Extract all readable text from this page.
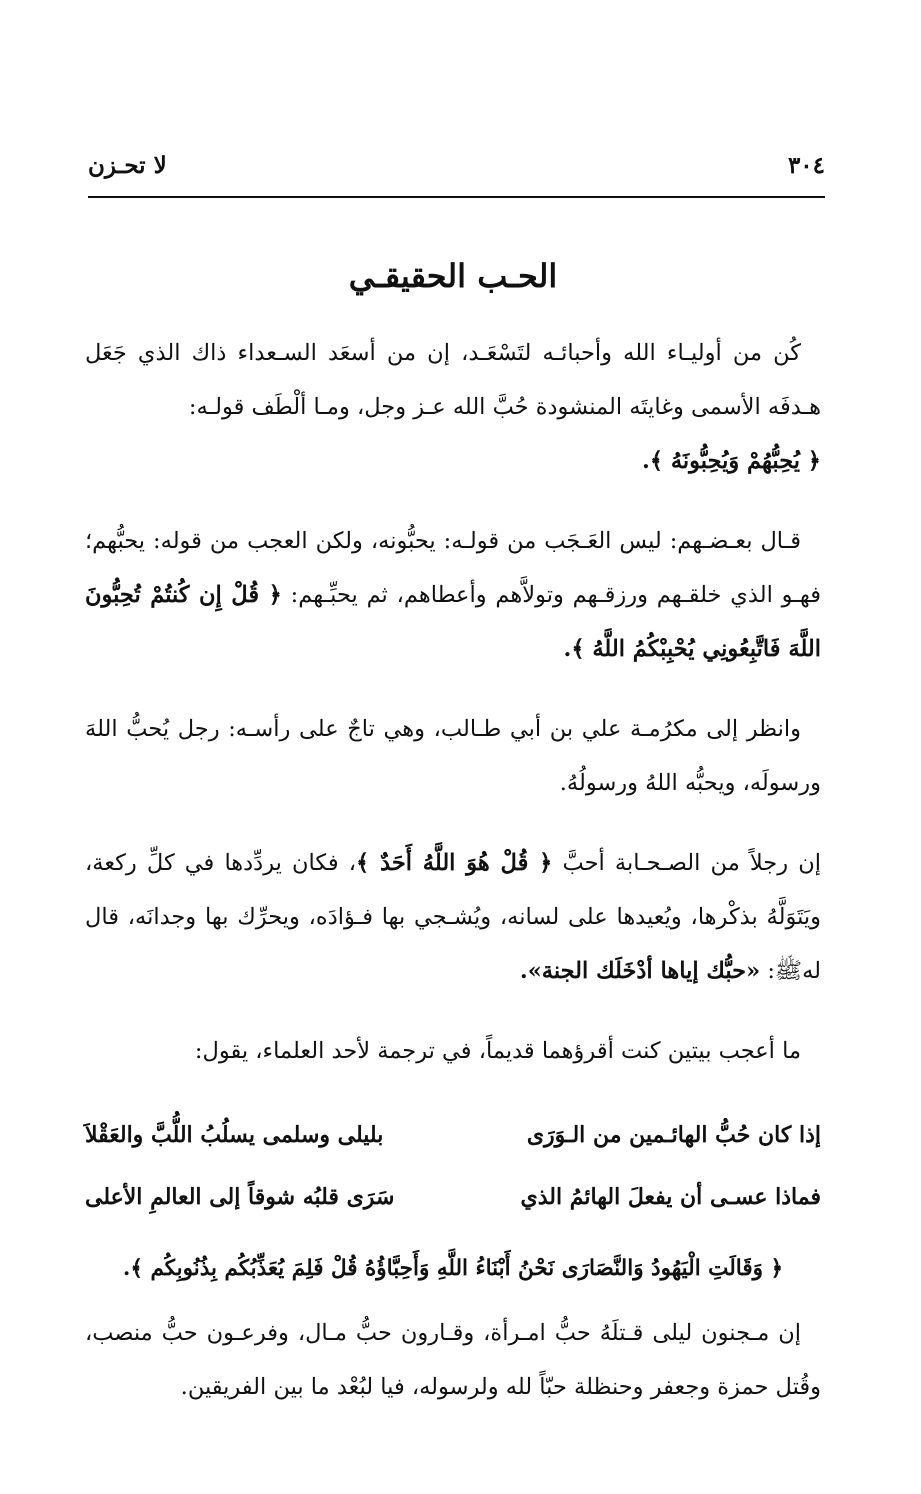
٣٠٤
لا تحـزن
الحـب الحقيقـي

كُن من أوليـاء الله وأحبائـه لتَسْعَـد، إن من أسعَد السـعداء ذاك الذي جَعَل هـدفَه الأسمى وغايتَه المنشودة حُبَّ الله عـز وجل، ومـا ألْطَف قولـه:
﴿ يُحِبُّهُمْ وَيُحِبُّونَهُ ﴾.

قـال بعـضـهم: ليس العَـجَب من قولـه: يحبُّونه، ولكن العجب من قوله: يحبُّهم؛ فهـو الذي خلقـهم ورزقـهم وتولاَّهم وأعطاهم، ثم يحبِّـهم: ﴿ قُلْ إِن كُنتُمْ تُحِبُّونَ اللَّهَ فَاتَّبِعُونِي يُحْبِبْكُمُ اللَّهُ ﴾.

وانظر إلى مكرُمـة علي بن أبي طـالب، وهي تاجٌ على رأسـه: رجل يُحبُّ اللهَ ورسولَه، ويحبُّه اللهُ ورسولُهُ.

إن رجلاً من الصـحـابة أحبَّ ﴿ قُلْ هُوَ اللَّهُ أَحَدٌ ﴾، فكان يردِّدها في كلِّ ركعة، ويَتَوَلَّهُ بذكْرها، ويُعيدها على لسانه، ويُشـجي بها فـؤادَه، ويحرِّك بها وجدانَه، قال لهﷺ: «حبُّك إياها أدْخَلَك الجنة».

ما أعجب بيتين كنت أقرؤهما قديماً، في ترجمة لأحد العلماء، يقول:

إذا كان حُبُّ الهائـمين من الـوَرَى
بليلى وسلمى يسلُبُ اللُّبَّ والعَقْلاَ
فماذا عسـى أن يفعلَ الهائمُ الذي
سَرَى قلبُه شوقاً إلى العالمِ الأعلى
﴿ وَقَالَتِ الْيَهُودُ وَالنَّصَارَى نَحْنُ أَبْنَاءُ اللَّهِ وَأَحِبَّاؤُهُ قُلْ فَلِمَ يُعَذِّبُكُم بِذُنُوبِكُم ﴾.

إن مـجنون ليلى قـتلَهُ حبُّ امـرأة، وقـارون حبُّ مـال، وفرعـون حبُّ منصب، وقُتل حمزة وجعفر وحنظلة حبّاً لله ولرسوله، فيا لبُعْد ما بين الفريقين.
